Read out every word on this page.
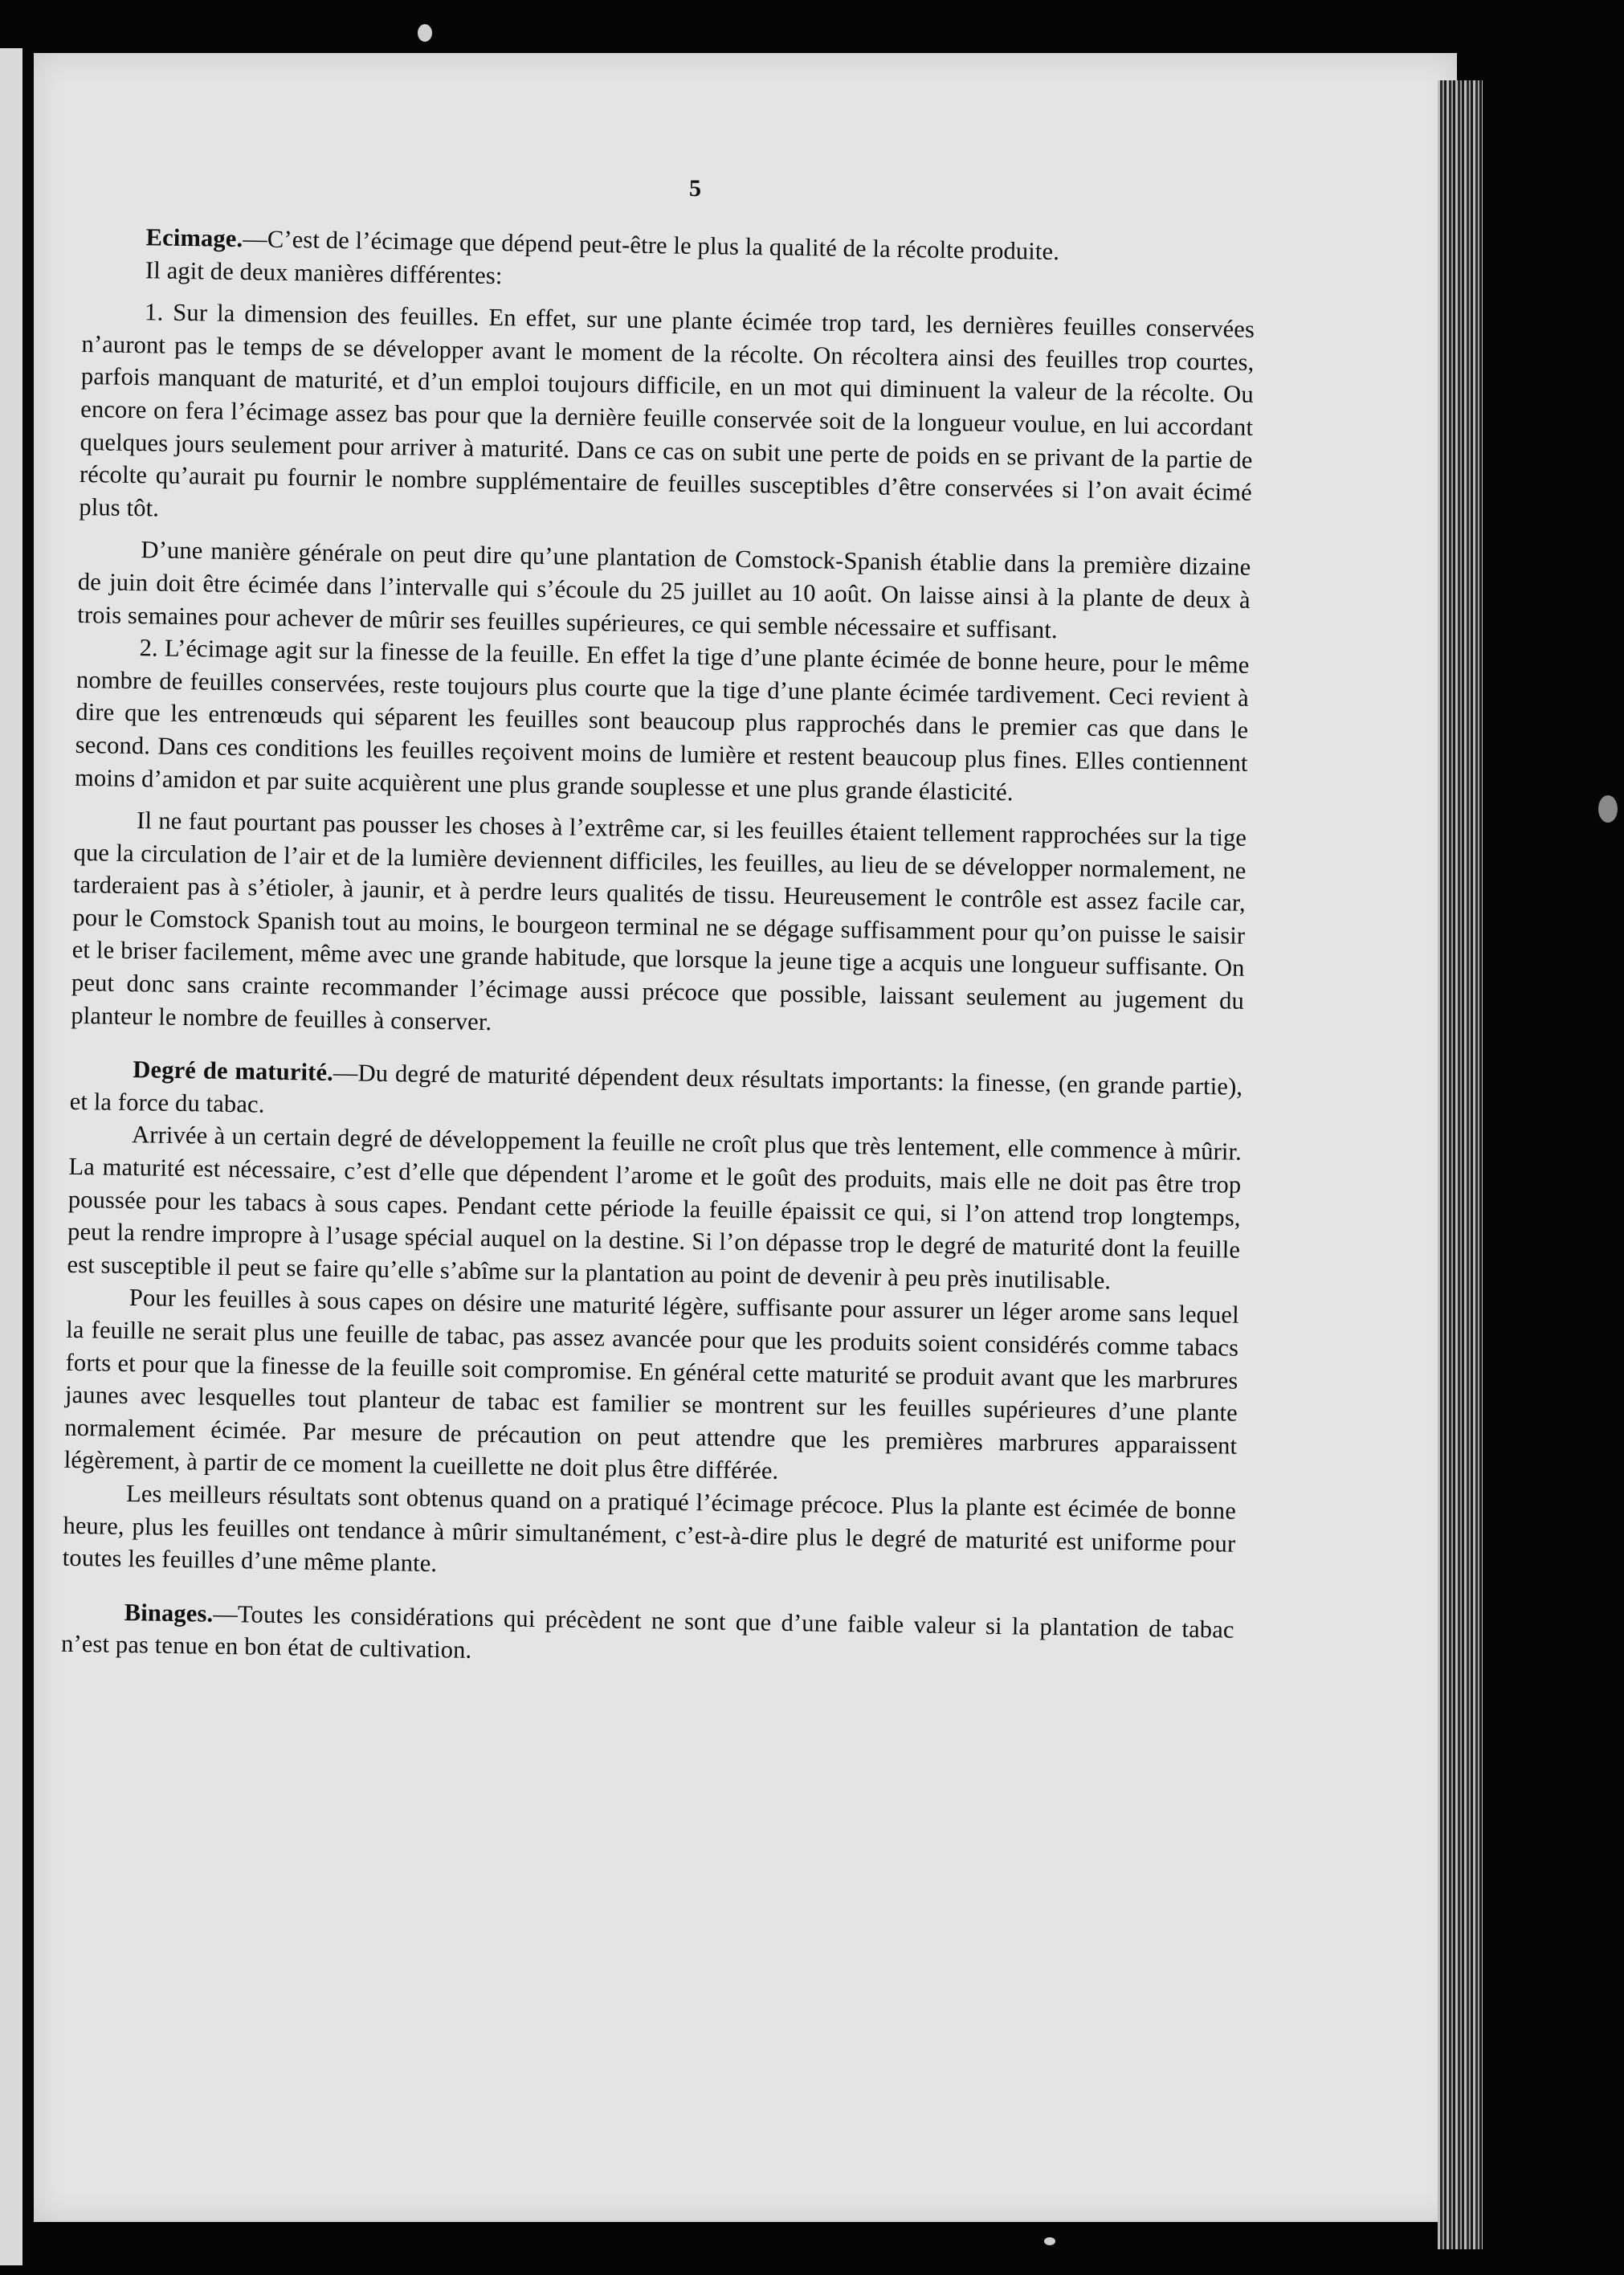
5

Ecimage.—C’est de l’écimage que dépend peut-être le plus la qualité de la récolte produite.

Il agit de deux manières différentes:

1. Sur la dimension des feuilles. En effet, sur une plante écimée trop tard, les dernières feuilles conservées n’auront pas le temps de se développer avant le moment de la récolte. On récoltera ainsi des feuilles trop courtes, parfois manquant de maturité, et d’un emploi toujours difficile, en un mot qui diminuent la valeur de la récolte. Ou encore on fera l’écimage assez bas pour que la dernière feuille conservée soit de la longueur voulue, en lui accordant quelques jours seulement pour arriver à maturité. Dans ce cas on subit une perte de poids en se privant de la partie de récolte qu’aurait pu fournir le nombre supplémentaire de feuilles susceptibles d’être conservées si l’on avait écimé plus tôt.

D’une manière générale on peut dire qu’une plantation de Comstock-Spanish établie dans la première dizaine de juin doit être écimée dans l’intervalle qui s’écoule du 25 juillet au 10 août. On laisse ainsi à la plante de deux à trois semaines pour achever de mûrir ses feuilles supérieures, ce qui semble nécessaire et suffisant.

2. L’écimage agit sur la finesse de la feuille. En effet la tige d’une plante écimée de bonne heure, pour le même nombre de feuilles conservées, reste toujours plus courte que la tige d’une plante écimée tardivement. Ceci revient à dire que les entrenœuds qui séparent les feuilles sont beaucoup plus rapprochés dans le premier cas que dans le second. Dans ces conditions les feuilles reçoivent moins de lumière et restent beaucoup plus fines. Elles contiennent moins d’amidon et par suite acquièrent une plus grande souplesse et une plus grande élasticité.

Il ne faut pourtant pas pousser les choses à l’extrême car, si les feuilles étaient tellement rapprochées sur la tige que la circulation de l’air et de la lumière deviennent difficiles, les feuilles, au lieu de se développer normalement, ne tarderaient pas à s’étioler, à jaunir, et à perdre leurs qualités de tissu. Heureusement le contrôle est assez facile car, pour le Comstock Spanish tout au moins, le bourgeon terminal ne se dégage suffisamment pour qu’on puisse le saisir et le briser facilement, même avec une grande habitude, que lorsque la jeune tige a acquis une longueur suffisante. On peut donc sans crainte recommander l’écimage aussi précoce que possible, laissant seulement au jugement du planteur le nombre de feuilles à conserver.

Degré de maturité.—Du degré de maturité dépendent deux résultats importants: la finesse, (en grande partie), et la force du tabac.

Arrivée à un certain degré de développement la feuille ne croît plus que très lentement, elle commence à mûrir. La maturité est nécessaire, c’est d’elle que dépendent l’arome et le goût des produits, mais elle ne doit pas être trop poussée pour les tabacs à sous capes. Pendant cette période la feuille épaissit ce qui, si l’on attend trop longtemps, peut la rendre impropre à l’usage spécial auquel on la destine. Si l’on dépasse trop le degré de maturité dont la feuille est susceptible il peut se faire qu’elle s’abîme sur la plantation au point de devenir à peu près inutilisable.

Pour les feuilles à sous capes on désire une maturité légère, suffisante pour assurer un léger arome sans lequel la feuille ne serait plus une feuille de tabac, pas assez avancée pour que les produits soient considérés comme tabacs forts et pour que la finesse de la feuille soit compromise. En général cette maturité se produit avant que les marbrures jaunes avec lesquelles tout planteur de tabac est familier se montrent sur les feuilles supérieures d’une plante normalement écimée. Par mesure de précaution on peut attendre que les premières marbrures apparaissent légèrement, à partir de ce moment la cueillette ne doit plus être différée.

Les meilleurs résultats sont obtenus quand on a pratiqué l’écimage précoce. Plus la plante est écimée de bonne heure, plus les feuilles ont tendance à mûrir simultanément, c’est-à-dire plus le degré de maturité est uniforme pour toutes les feuilles d’une même plante.

Binages.—Toutes les considérations qui précèdent ne sont que d’une faible valeur si la plantation de tabac n’est pas tenue en bon état de cultivation.
